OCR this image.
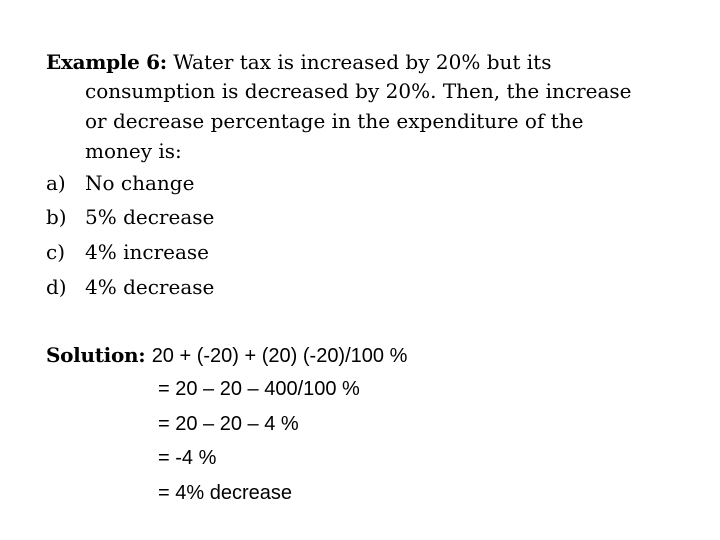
Example 6: Water tax is increased by 20% but its
consumption is decreased by 20%. Then, the increase
or decrease percentage in the expenditure of the
money is:
a) No change
b) 5% decrease
c) 4% increase
d) 4% decrease
Solution: 20 + (-20) + (20) (-20)/100 %
= 20 – 20 – 400/100 %
= 20 – 20 – 4 %
= -4 %
= 4% decrease
